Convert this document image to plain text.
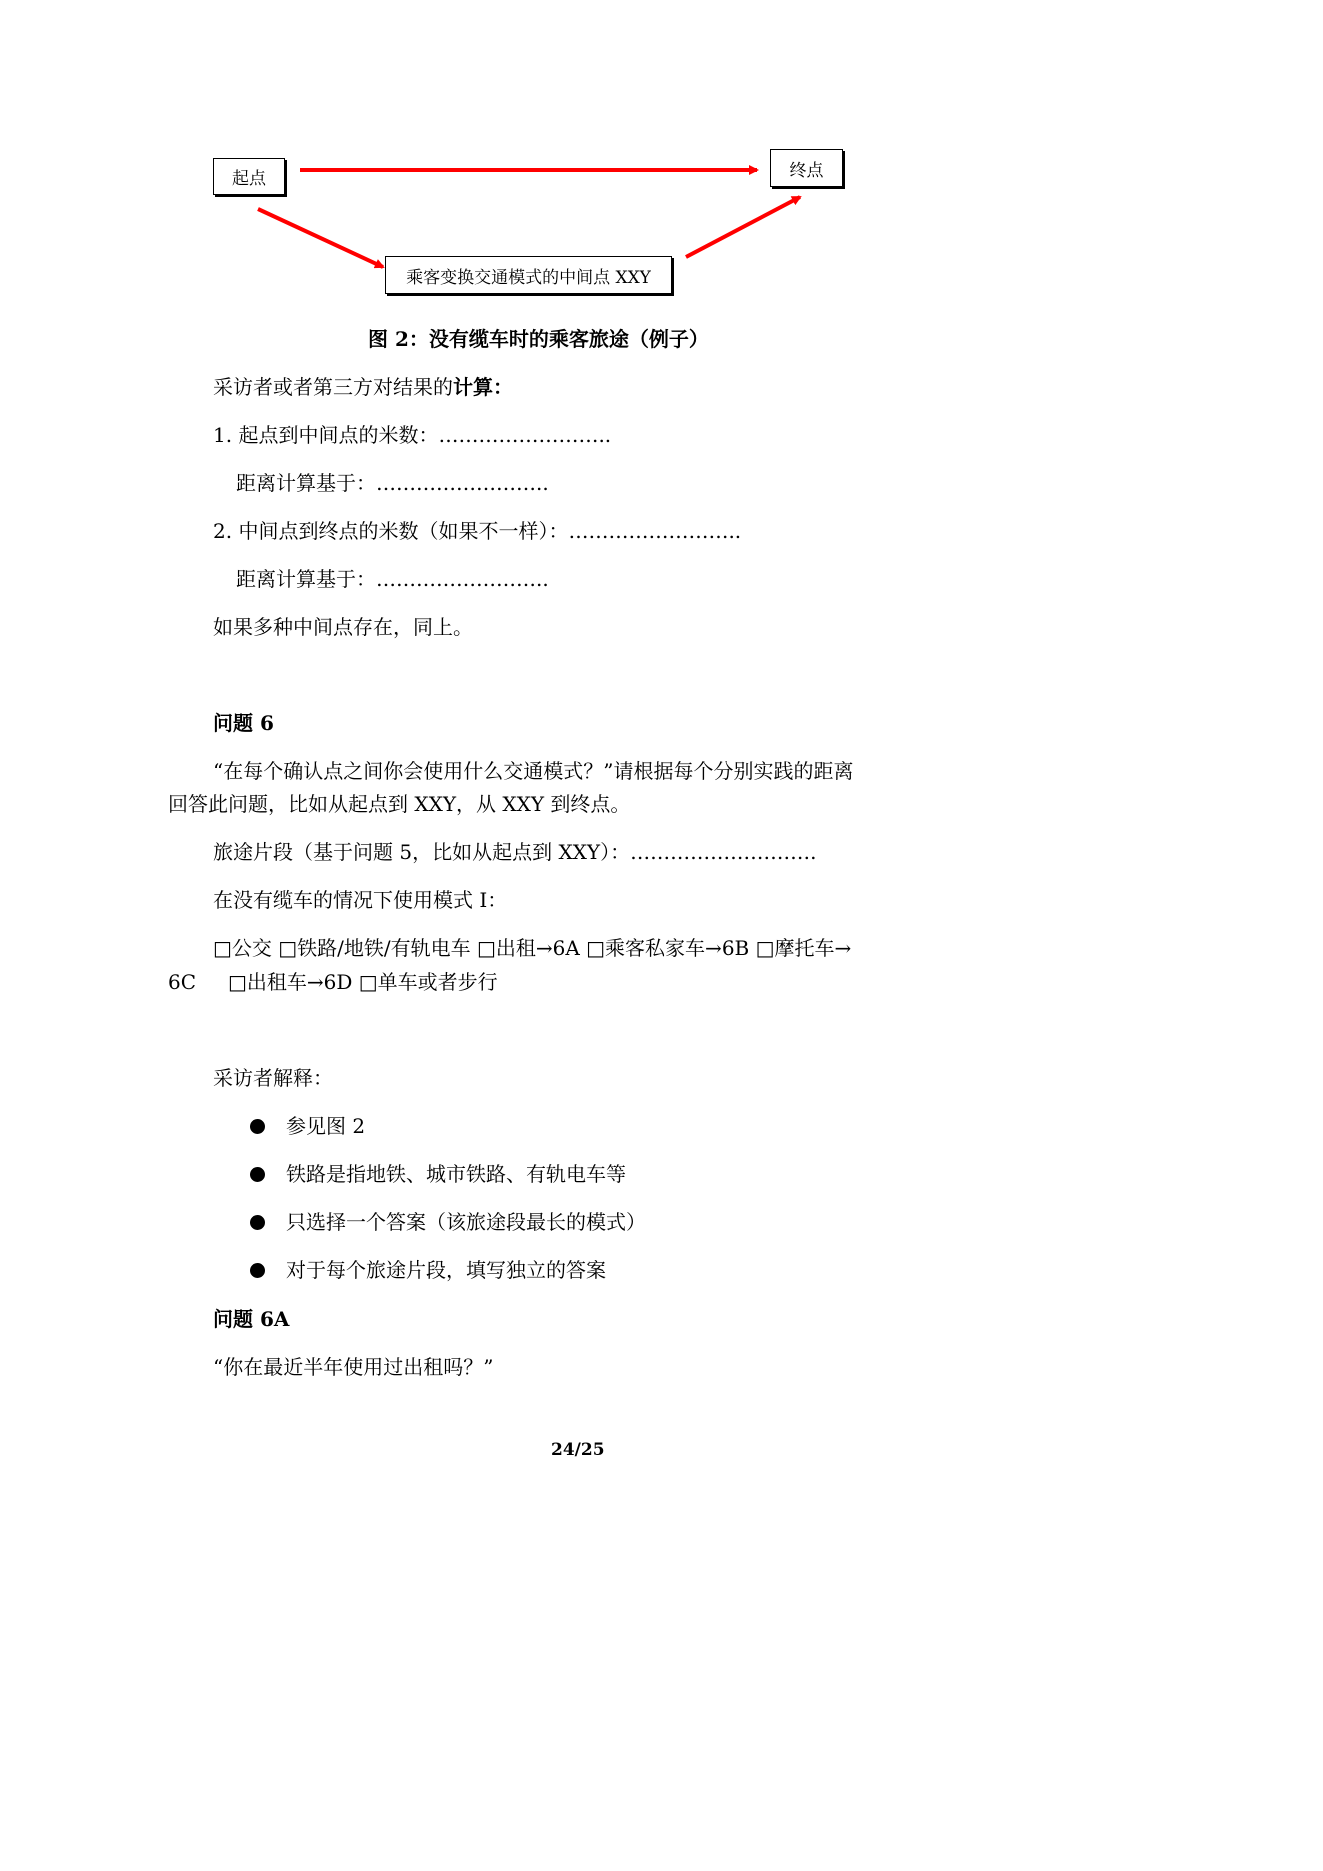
起点	终点
乘客变换交通模式的中间点 XXY
图 2：没有缆车时的乘客旅途（例子）
采访者或者第三方对结果的计算：
1. 起点到中间点的米数：……………………..
距离计算基于：……………………..
2. 中间点到终点的米数（如果不一样）：……………………..
距离计算基于：……………………..
如果多种中间点存在，同上。
问题 6
“在每个确认点之间你会使用什么交通模式？”请根据每个分别实践的距离
回答此问题，比如从起点到 XXY，从 XXY 到终点。
旅途片段（基于问题 5，比如从起点到 XXY）：……………………….
在没有缆车的情况下使用模式 I：
□公交 □铁路/地铁/有轨电车 □出租→6A □乘客私家车→6B □摩托车→
6C □出租车→6D □单车或者步行
采访者解释：
参见图 2
铁路是指地铁、城市铁路、有轨电车等
只选择一个答案（该旅途段最长的模式）
对于每个旅途片段，填写独立的答案
问题 6A
“你在最近半年使用过出租吗？”
24/25
